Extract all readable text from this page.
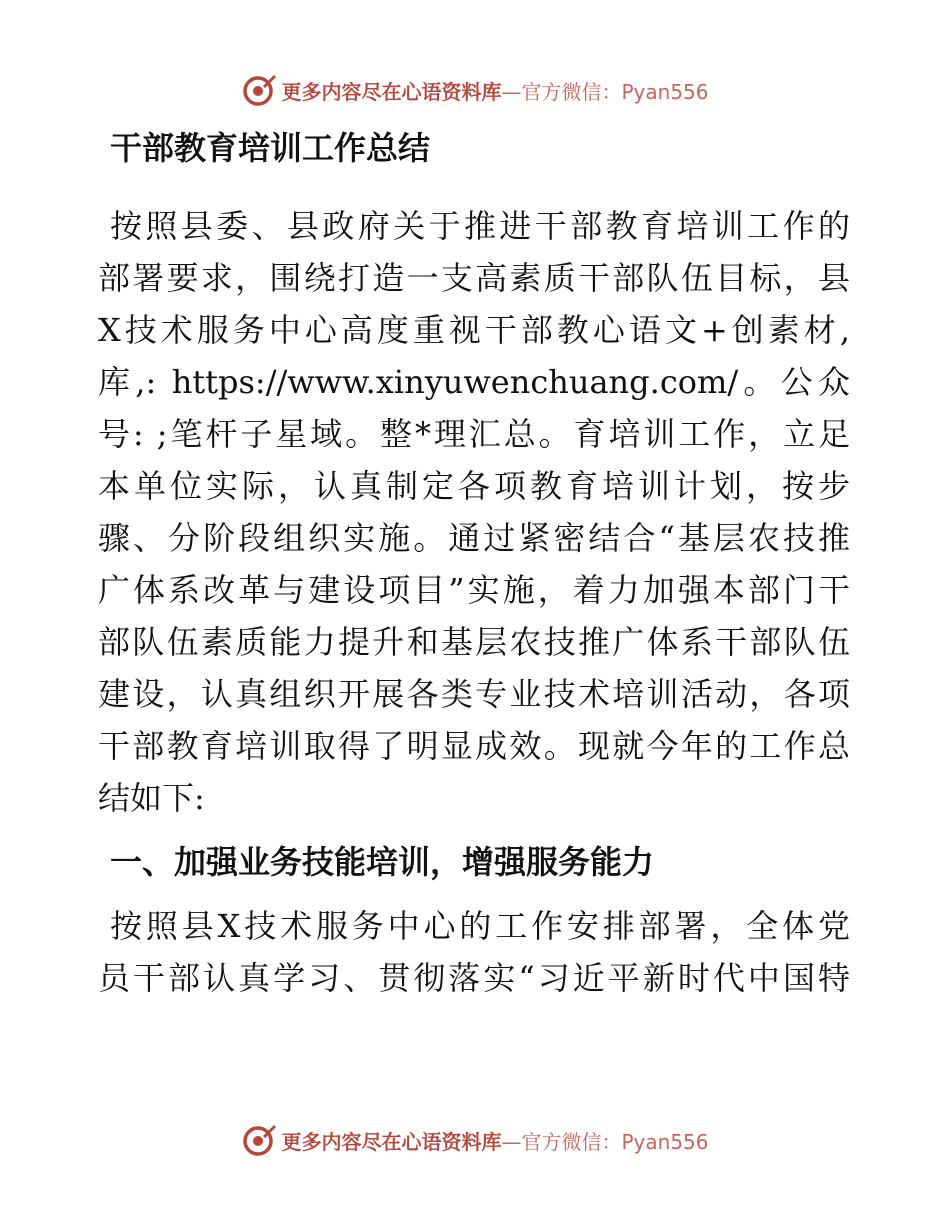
更多内容尽在心语资料库—官方微信：Pyan556
干部教育培训工作总结

按照县委、县政府关于推进干部教育培训工作的
部署要求，围绕打造一支高素质干部队伍目标，县
X技术服务中心高度重视干部教心语文+创素材,
库,: https://www.xinyuwenchuang.com/。公众
号: ;笔杆子星域。整*理汇总。育培训工作，立足
本单位实际，认真制定各项教育培训计划，按步
骤、分阶段组织实施。通过紧密结合“基层农技推
广体系改革与建设项目”实施，着力加强本部门干
部队伍素质能力提升和基层农技推广体系干部队伍
建设，认真组织开展各类专业技术培训活动，各项
干部教育培训取得了明显成效。现就今年的工作总
结如下:

一、加强业务技能培训，增强服务能力

按照县X技术服务中心的工作安排部署，全体党
员干部认真学习、贯彻落实“习近平新时代中国特

更多内容尽在心语资料库—官方微信：Pyan556
